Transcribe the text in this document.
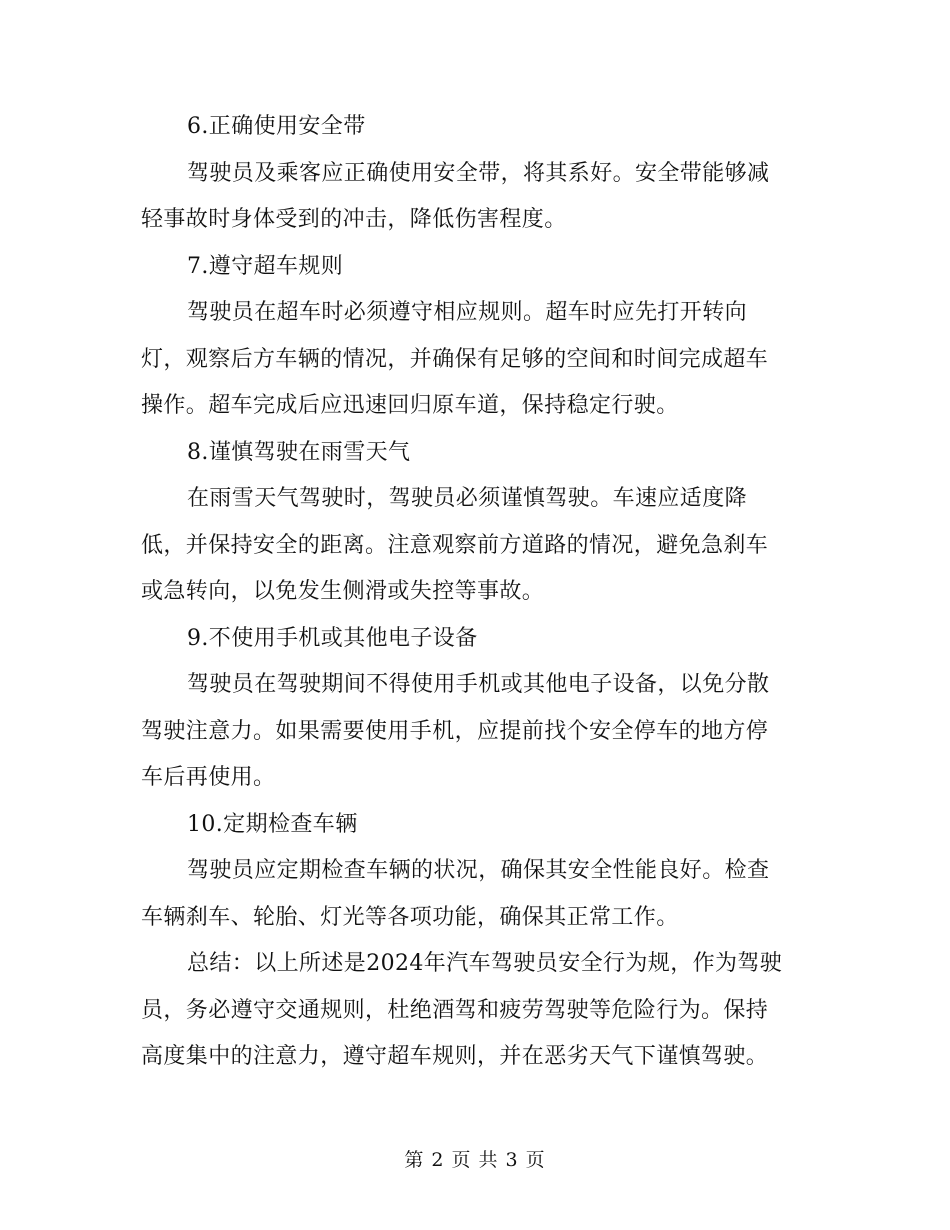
6.正确使用安全带
驾驶员及乘客应正确使用安全带，将其系好。安全带能够减
轻事故时身体受到的冲击，降低伤害程度。
7.遵守超车规则
驾驶员在超车时必须遵守相应规则。超车时应先打开转向
灯，观察后方车辆的情况，并确保有足够的空间和时间完成超车
操作。超车完成后应迅速回归原车道，保持稳定行驶。
8.谨慎驾驶在雨雪天气
在雨雪天气驾驶时，驾驶员必须谨慎驾驶。车速应适度降
低，并保持安全的距离。注意观察前方道路的情况，避免急刹车
或急转向，以免发生侧滑或失控等事故。
9.不使用手机或其他电子设备
驾驶员在驾驶期间不得使用手机或其他电子设备，以免分散
驾驶注意力。如果需要使用手机，应提前找个安全停车的地方停
车后再使用。
10.定期检查车辆
驾驶员应定期检查车辆的状况，确保其安全性能良好。检查
车辆刹车、轮胎、灯光等各项功能，确保其正常工作。
总结：以上所述是2024年汽车驾驶员安全行为规，作为驾驶
员，务必遵守交通规则，杜绝酒驾和疲劳驾驶等危险行为。保持
高度集中的注意力，遵守超车规则，并在恶劣天气下谨慎驾驶。
第 2 页 共 3 页
